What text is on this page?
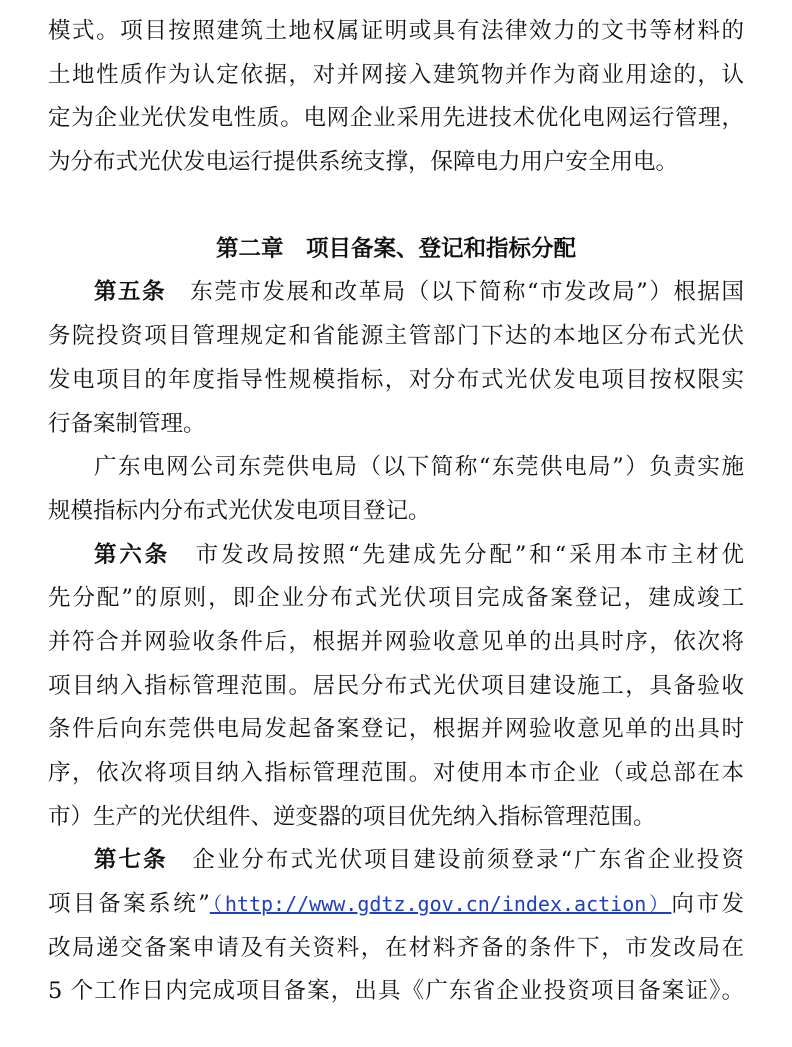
模式。项目按照建筑土地权属证明或具有法律效力的文书等材料的
土地性质作为认定依据，对并网接入建筑物并作为商业用途的，认
定为企业光伏发电性质。电网企业采用先进技术优化电网运行管理，
为分布式光伏发电运行提供系统支撑，保障电力用户安全用电。
第二章　项目备案、登记和指标分配
第五条　 东莞市发展和改革局（以下简称“市发改局”）根据国
务院投资项目管理规定和省能源主管部门下达的本地区分布式光伏
发电项目的年度指导性规模指标，对分布式光伏发电项目按权限实
行备案制管理。
广东电网公司东莞供电局（以下简称“东莞供电局”）负责实施
规模指标内分布式光伏发电项目登记。
第六条　 市发改局按照“先建成先分配”和“采用本市主材优
先分配”的原则，即企业分布式光伏项目完成备案登记，建成竣工
并符合并网验收条件后，根据并网验收意见单的出具时序，依次将
项目纳入指标管理范围。居民分布式光伏项目建设施工，具备验收
条件后向东莞供电局发起备案登记，根据并网验收意见单的出具时
序，依次将项目纳入指标管理范围。对使用本市企业（或总部在本
市）生产的光伏组件、逆变器的项目优先纳入指标管理范围。
第七条　 企业分布式光伏项目建设前须登录“广东省企业投资
项目备案系统”（http://www.gdtz.gov.cn/index.action）向市发
改局递交备案申请及有关资料，在材料齐备的条件下，市发改局在
5 个工作日内完成项目备案，出具《广东省企业投资项目备案证》。
